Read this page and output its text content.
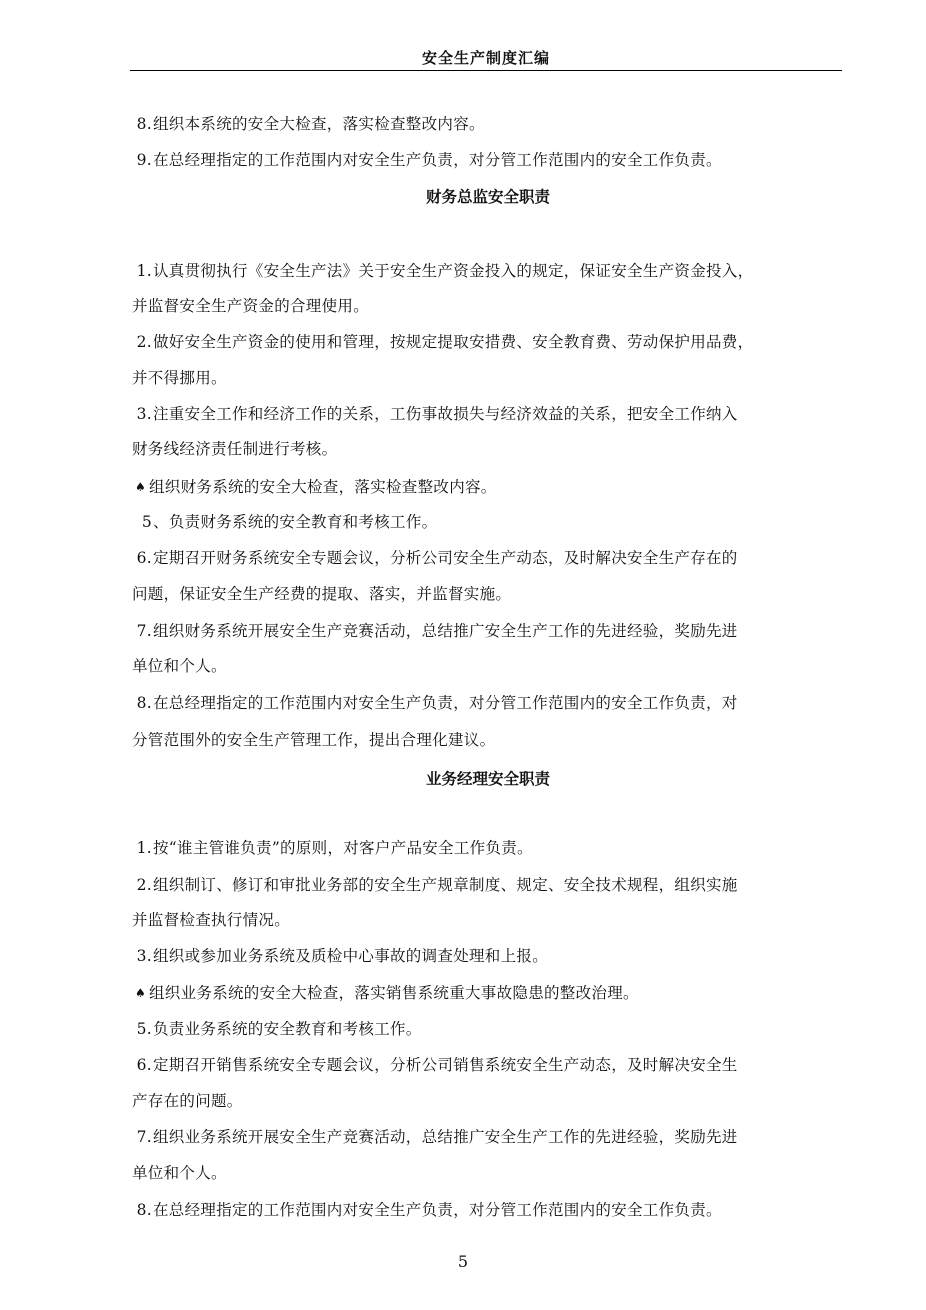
安全生产制度汇编
8 . 组织本系统的安全大检查，落实检查整改内容。
9 . 在总经理指定的工作范围内对安全生产负责，对分管工作范围内的安全工作负责。
1 . 认真贯彻执行《安全生产法》关于安全生产资金投入的规定，保证安全生产资金投入，
并监督安全生产资金的合理使用。
2 . 做好安全生产资金的使用和管理，按规定提取安措费、安全教育费、劳动保护用品费，
并不得挪用。
3 . 注重安全工作和经济工作的关系，工伤事故损失与经济效益的关系，把安全工作纳入
财务线经济责任制进行考核。
♠ 组织财务系统的安全大检查，落实检查整改内容。
5、负责财务系统的安全教育和考核工作。
6 . 定期召开财务系统安全专题会议，分析公司安全生产动态，及时解决安全生产存在的
问题，保证安全生产经费的提取、落实，并监督实施。
7 . 组织财务系统开展安全生产竞赛活动，总结推广安全生产工作的先进经验，奖励先进
单位和个人。
8 . 在总经理指定的工作范围内对安全生产负责，对分管工作范围内的安全工作负责，对
分管范围外的安全生产管理工作，提出合理化建议。
1 . 按“谁主管谁负责”的原则，对客户产品安全工作负责。
2 . 组织制订、修订和审批业务部的安全生产规章制度、规定、安全技术规程，组织实施
并监督检查执行情况。
3 . 组织或参加业务系统及质检中心事故的调查处理和上报。
♠ 组织业务系统的安全大检查，落实销售系统重大事故隐患的整改治理。
5 . 负责业务系统的安全教育和考核工作。
6 . 定期召开销售系统安全专题会议，分析公司销售系统安全生产动态，及时解决安全生
产存在的问题。
7 . 组织业务系统开展安全生产竞赛活动，总结推广安全生产工作的先进经验，奖励先进
单位和个人。
8 . 在总经理指定的工作范围内对安全生产负责，对分管工作范围内的安全工作负责。
财务总监安全职责
业务经理安全职责
5
